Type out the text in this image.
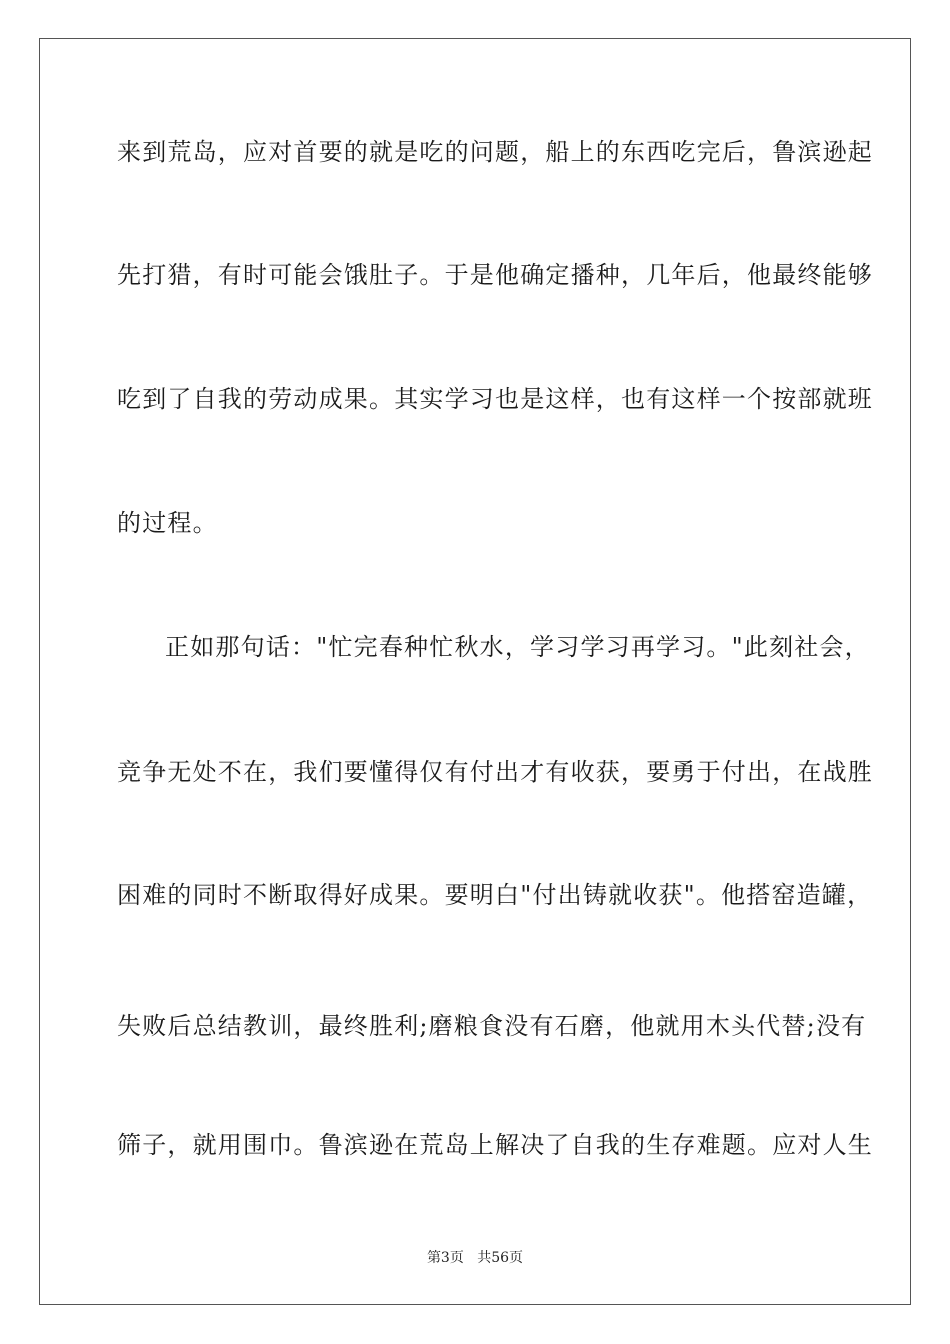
来到荒岛，应对首要的就是吃的问题，船上的东西吃完后，鲁滨逊起
先打猎，有时可能会饿肚子。于是他确定播种，几年后，他最终能够
吃到了自我的劳动成果。其实学习也是这样，也有这样一个按部就班
的过程。
正如那句话："忙完春种忙秋水，学习学习再学习。"此刻社会，
竞争无处不在，我们要懂得仅有付出才有收获，要勇于付出，在战胜
困难的同时不断取得好成果。要明白"付出铸就收获"。他搭窑造罐，
失败后总结教训，最终胜利;磨粮食没有石磨，他就用木头代替;没有
筛子，就用围巾。鲁滨逊在荒岛上解决了自我的生存难题。应对人生
第3页 共56页
